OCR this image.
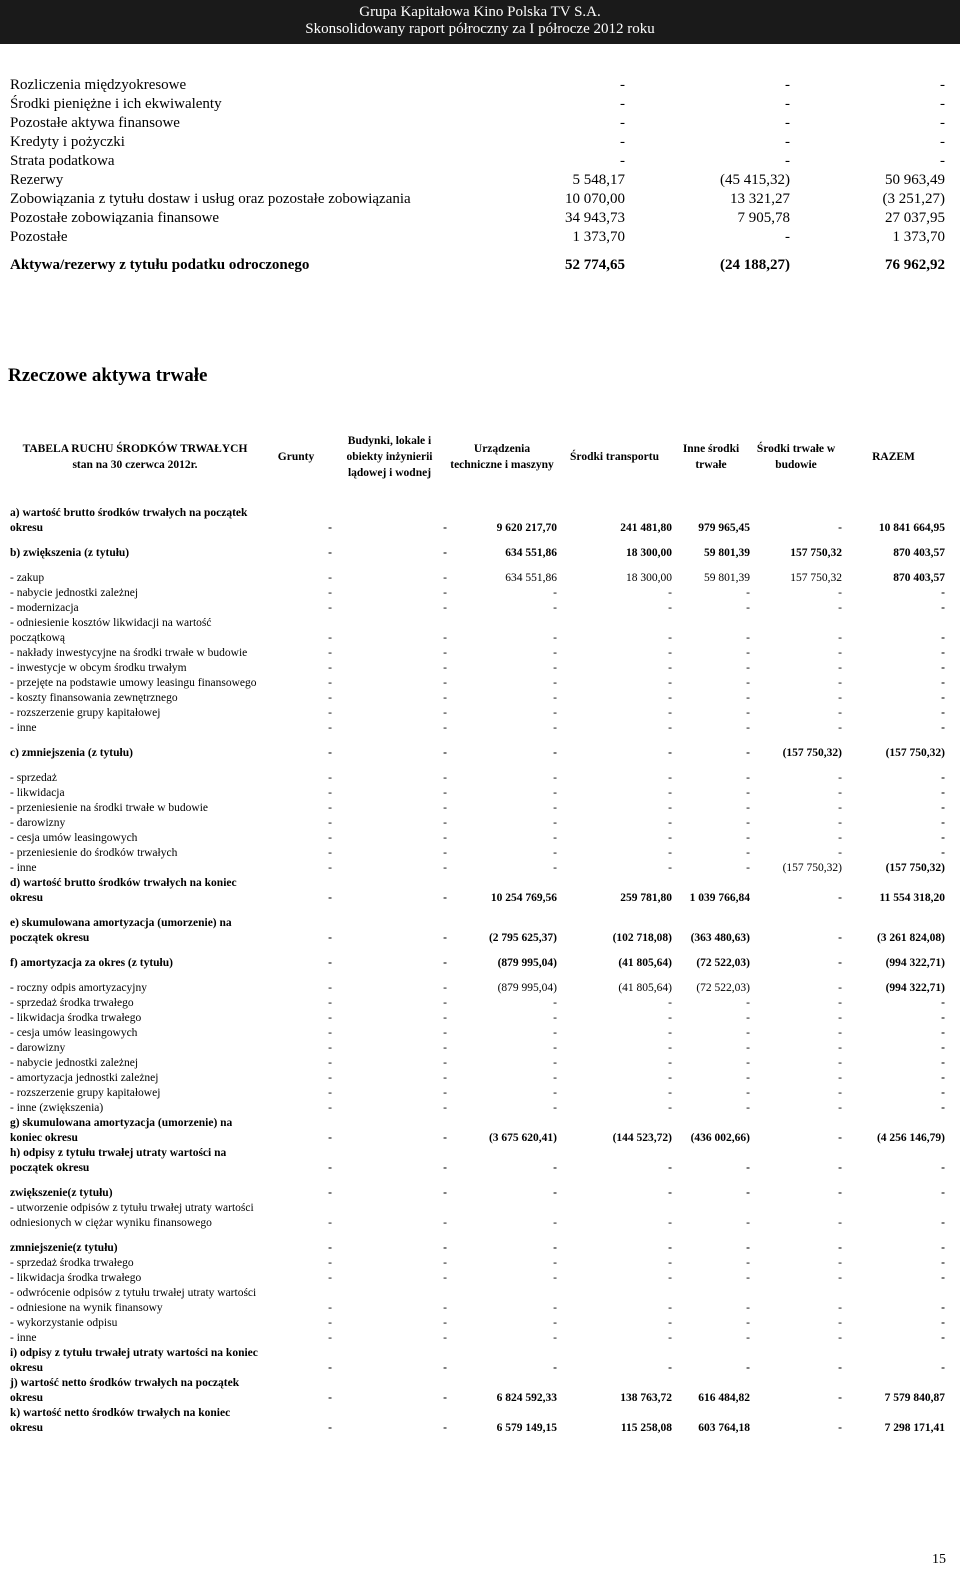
Grupa Kapitałowa Kino Polska TV S.A.
Skonsolidowany raport półroczny za I półrocze 2012 roku
Rozliczenia międzyokresowe	-	-	-
Środki pieniężne i ich ekwiwalenty	-	-	-
Pozostałe aktywa finansowe	-	-	-
Kredyty i pożyczki	-	-	-
Strata podatkowa	-	-	-
Rezerwy	5 548,17	(45 415,32)	50 963,49
Zobowiązania z tytułu dostaw i usług oraz pozostałe zobowiązania	10 070,00	13 321,27	(3 251,27)
Pozostałe zobowiązania finansowe	34 943,73	7 905,78	27 037,95
Pozostałe	1 373,70	-	1 373,70
Aktywa/rezerwy z tytułu podatku odroczonego	52 774,65	(24 188,27)	76 962,92
Rzeczowe aktywa trwałe
TABELA RUCHU ŚRODKÓW TRWAŁYCH
stan na 30 czerwca 2012r.	Grunty	Budynki, lokale i obiekty inżynierii lądowej i wodnej	Urządzenia techniczne i maszyny	Środki transportu	Inne środki trwałe	Środki trwałe w budowie	RAZEM
a) wartość brutto środków trwałych na początek okresu	-	-	9 620 217,70	241 481,80	979 965,45	-	10 841 664,95
b) zwiększenia (z tytułu)	-	-	634 551,86	18 300,00	59 801,39	157 750,32	870 403,57
- zakup	-	-	634 551,86	18 300,00	59 801,39	157 750,32	870 403,57
- nabycie jednostki zależnej	-	-	-	-	-	-	-
- modernizacja	-	-	-	-	-	-	-
- odniesienie kosztów likwidacji na wartość początkową	-	-	-	-	-	-	-
- nakłady inwestycyjne na środki trwałe w budowie	-	-	-	-	-	-	-
- inwestycje w obcym środku trwałym	-	-	-	-	-	-	-
- przejęte na podstawie umowy leasingu finansowego	-	-	-	-	-	-	-
- koszty finansowania zewnętrznego	-	-	-	-	-	-	-
- rozszerzenie grupy kapitałowej	-	-	-	-	-	-	-
- inne	-	-	-	-	-	-	-
c) zmniejszenia (z tytułu)	-	-	-	-	-	(157 750,32)	(157 750,32)
- sprzedaż	-	-	-	-	-	-	-
- likwidacja	-	-	-	-	-	-	-
- przeniesienie na środki trwałe w budowie	-	-	-	-	-	-	-
- darowizny	-	-	-	-	-	-	-
- cesja umów leasingowych	-	-	-	-	-	-	-
- przeniesienie do środków trwałych	-	-	-	-	-	-	-
- inne	-	-	-	-	-	(157 750,32)	(157 750,32)
d) wartość brutto środków trwałych na koniec okresu	-	-	10 254 769,56	259 781,80	1 039 766,84	-	11 554 318,20
e) skumulowana amortyzacja (umorzenie) na początek okresu	-	-	(2 795 625,37)	(102 718,08)	(363 480,63)	-	(3 261 824,08)
f) amortyzacja za okres (z tytułu)	-	-	(879 995,04)	(41 805,64)	(72 522,03)	-	(994 322,71)
- roczny odpis amortyzacyjny	-	-	(879 995,04)	(41 805,64)	(72 522,03)	-	(994 322,71)
- sprzedaż środka trwałego	-	-	-	-	-	-	-
- likwidacja środka trwałego	-	-	-	-	-	-	-
- cesja umów leasingowych	-	-	-	-	-	-	-
- darowizny	-	-	-	-	-	-	-
- nabycie jednostki zależnej	-	-	-	-	-	-	-
- amortyzacja jednostki zależnej	-	-	-	-	-	-	-
- rozszerzenie grupy kapitałowej	-	-	-	-	-	-	-
- inne (zwiększenia)	-	-	-	-	-	-	-
g) skumulowana amortyzacja (umorzenie) na koniec okresu	-	-	(3 675 620,41)	(144 523,72)	(436 002,66)	-	(4 256 146,79)
h) odpisy z tytułu trwałej utraty wartości na początek okresu	-	-	-	-	-	-	-
zwiększenie(z tytułu)	-	-	-	-	-	-	-
- utworzenie odpisów z tytułu trwałej utraty wartości odniesionych w ciężar wyniku finansowego	-	-	-	-	-	-	-
zmniejszenie(z tytułu)	-	-	-	-	-	-	-
- sprzedaż środka trwałego	-	-	-	-	-	-	-
- likwidacja środka trwałego	-	-	-	-	-	-	-
- odwrócenie odpisów z tytułu trwałej utraty wartości - odniesione na wynik finansowy	-	-	-	-	-	-	-
- wykorzystanie odpisu	-	-	-	-	-	-	-
- inne	-	-	-	-	-	-	-
i) odpisy z tytułu trwałej utraty wartości na koniec okresu	-	-	-	-	-	-	-
j) wartość netto środków trwałych na początek okresu	-	-	6 824 592,33	138 763,72	616 484,82	-	7 579 840,87
k) wartość netto środków trwałych na koniec okresu	-	-	6 579 149,15	115 258,08	603 764,18	-	7 298 171,41
15
